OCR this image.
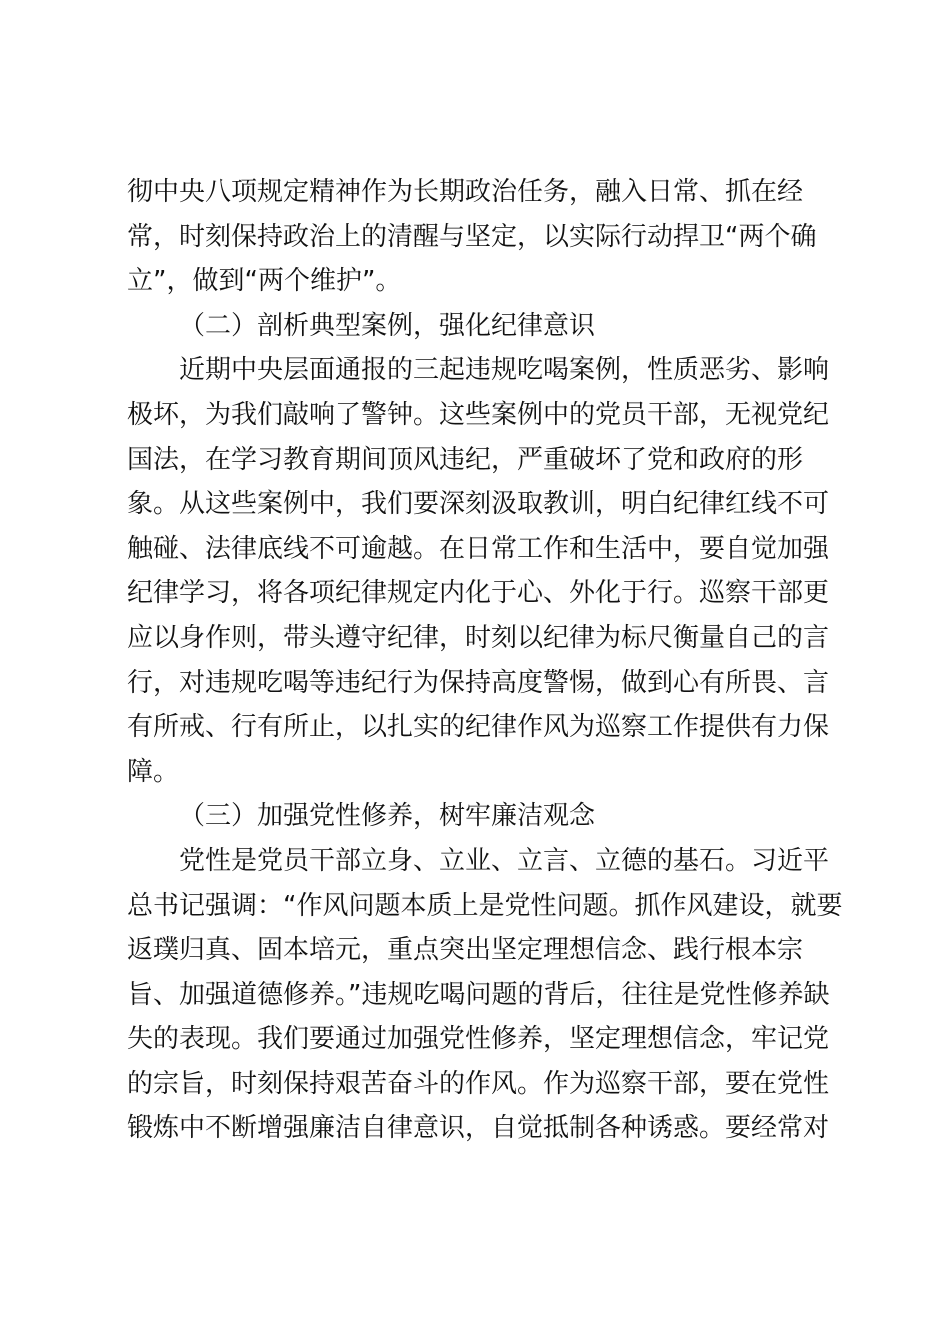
彻中央八项规定精神作为长期政治任务，融入日常、抓在经
常，时刻保持政治上的清醒与坚定，以实际行动捍卫“两个确
立”，做到“两个维护”。
（二）剖析典型案例，强化纪律意识
近期中央层面通报的三起违规吃喝案例，性质恶劣、影响
极坏，为我们敲响了警钟。这些案例中的党员干部，无视党纪
国法，在学习教育期间顶风违纪，严重破坏了党和政府的形
象。从这些案例中，我们要深刻汲取教训，明白纪律红线不可
触碰、法律底线不可逾越。在日常工作和生活中，要自觉加强
纪律学习，将各项纪律规定内化于心、外化于行。巡察干部更
应以身作则，带头遵守纪律，时刻以纪律为标尺衡量自己的言
行，对违规吃喝等违纪行为保持高度警惕，做到心有所畏、言
有所戒、行有所止，以扎实的纪律作风为巡察工作提供有力保
障。
（三）加强党性修养，树牢廉洁观念
党性是党员干部立身、立业、立言、立德的基石。习近平
总书记强调：“作风问题本质上是党性问题。抓作风建设，就要
返璞归真、固本培元，重点突出坚定理想信念、践行根本宗
旨、加强道德修养。”违规吃喝问题的背后，往往是党性修养缺
失的表现。我们要通过加强党性修养，坚定理想信念，牢记党
的宗旨，时刻保持艰苦奋斗的作风。作为巡察干部，要在党性
锻炼中不断增强廉洁自律意识，自觉抵制各种诱惑。要经常对
